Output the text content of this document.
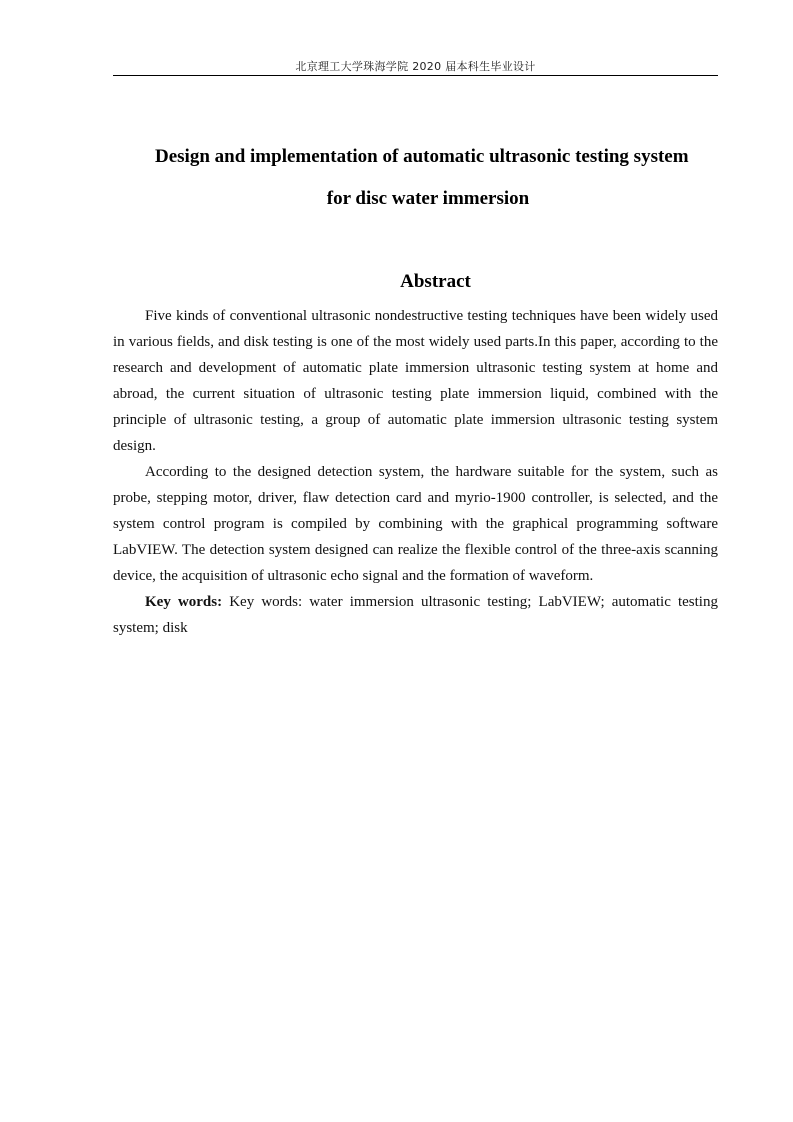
北京理工大学珠海学院 2020 届本科生毕业设计
Design and implementation of automatic ultrasonic testing system
for disc water immersion
Abstract

Five kinds of conventional ultrasonic nondestructive testing techniques have been widely used in various fields, and disk testing is one of the most widely used parts.In this paper, according to the research and development of automatic plate immersion ultrasonic testing system at home and abroad, the current situation of ultrasonic testing plate immersion liquid, combined with the principle of ultrasonic testing, a group of automatic plate immersion ultrasonic testing system design.

According to the designed detection system, the hardware suitable for the system, such as probe, stepping motor, driver, flaw detection card and myrio-1900 controller, is selected, and the system control program is compiled by combining with the graphical programming software LabVIEW. The detection system designed can realize the flexible control of the three-axis scanning device, the acquisition of ultrasonic echo signal and the formation of waveform.

Key words: Key words: water immersion ultrasonic testing; LabVIEW; automatic testing system; disk
